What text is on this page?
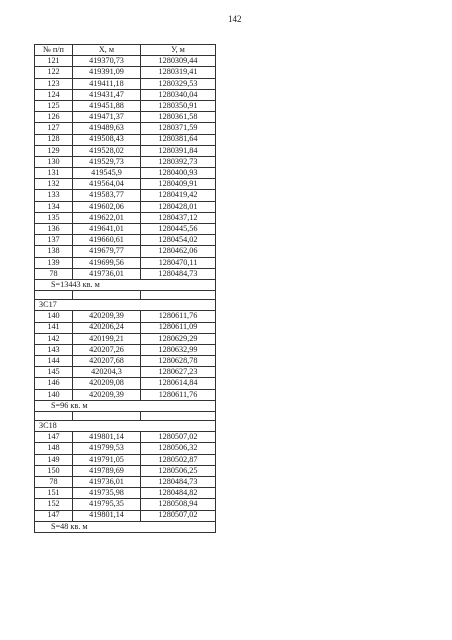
142
№ п/п	X, м	У, м
121	419370,73	1280309,44
122	419391,09	1280319,41
123	419411,18	1280329,53
124	419431,47	1280340,04
125	419451,88	1280350,91
126	419471,37	1280361,58
127	419489,63	1280371,59
128	419508,43	1280381,64
129	419528,02	1280391,84
130	419529,73	1280392,73
131	419545,9	1280400,93
132	419564,04	1280409,91
133	419583,77	1280419,42
134	419602,06	1280428,01
135	419622,01	1280437,12
136	419641,01	1280445,56
137	419660,61	1280454,02
138	419679,77	1280462,06
139	419699,56	1280470,11
78	419736,01	1280484,73
S=13443 кв. м		

ЗС17		
140	420209,39	1280611,76
141	420206,24	1280611,09
142	420199,21	1280629,29
143	420207,26	1280632,99
144	420207,68	1280628,78
145	420204,3	1280627,23
146	420209,08	1280614,84
140	420209,39	1280611,76
S=96 кв. м		

ЗС18		
147	419801,14	1280507,02
148	419799,53	1280506,32
149	419791,05	1280502,87
150	419789,69	1280506,25
78	419736,01	1280484,73
151	419735,98	1280484,82
152	419795,35	1280508,94
147	419801,14	1280507,02
S=48 кв. м		
